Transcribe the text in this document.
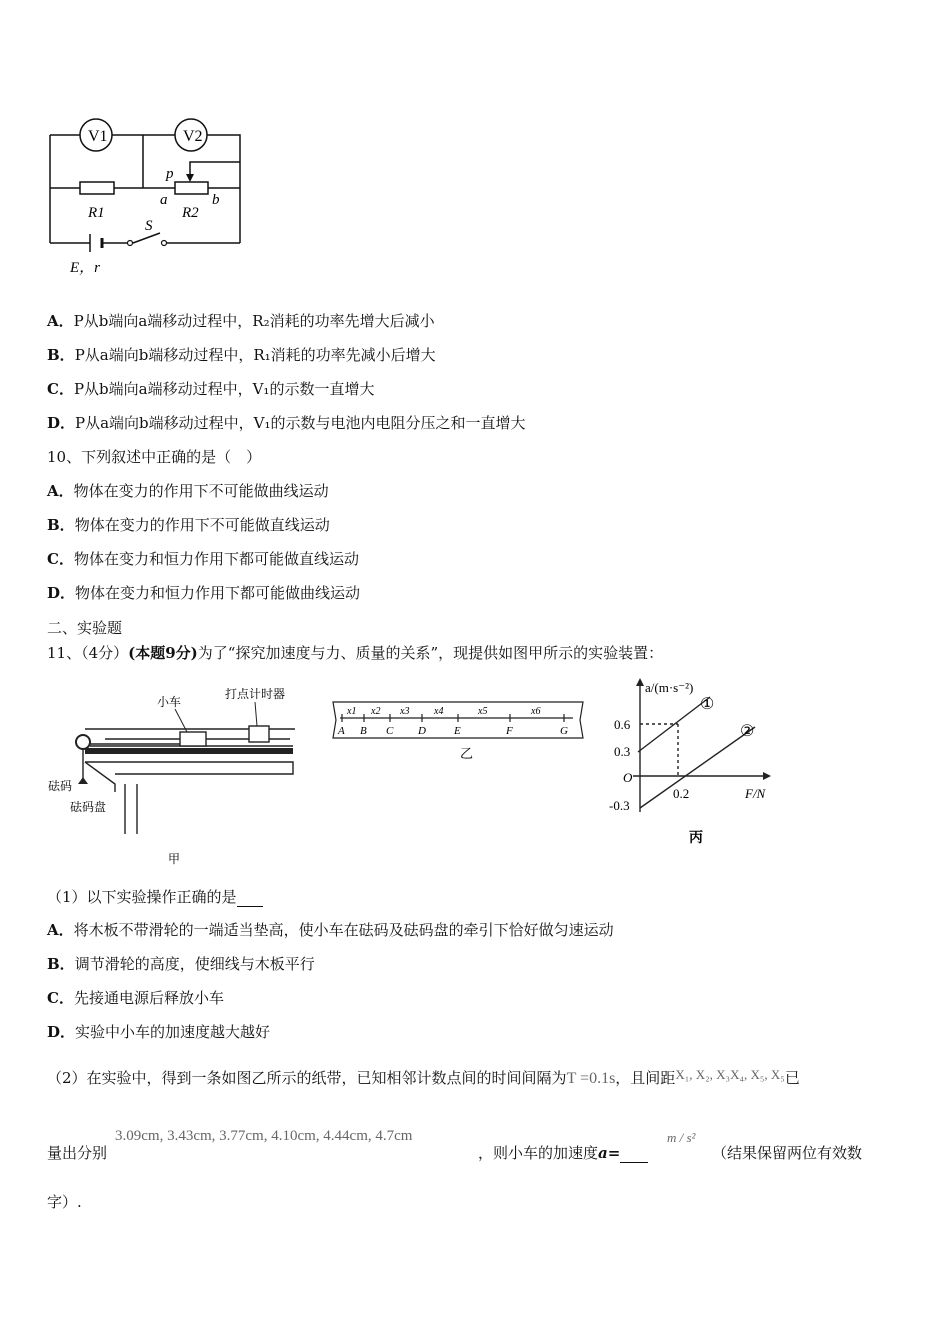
V1	V2
R1	R2
p
a	b
S
E，r
A．P从b端向a端移动过程中，R₂消耗的功率先增大后减小
B．P从a端向b端移动过程中，R₁消耗的功率先减小后增大
C．P从b端向a端移动过程中，V₁的示数一直增大
D．P从a端向b端移动过程中，V₁的示数与电池内电阻分压之和一直增大
10、下列叙述中正确的是（　）
A．物体在变力的作用下不可能做曲线运动
B．物体在变力的作用下不可能做直线运动
C．物体在变力和恒力作用下都可能做直线运动
D．物体在变力和恒力作用下都可能做曲线运动
二、实验题
11、（4分）(本题9分)为了“探究加速度与力、质量的关系”，现提供如图甲所示的实验装置：
小车
打点计时器
砝码
砝码盘
甲
A
x1
B
x2
C
x3
D
x4
E
x5
F
x6
G
乙
a/(m·s⁻²)
F/N
O
0.6
0.3
-0.3
0.2
①
②
丙
（1）以下实验操作正确的是
A．将木板不带滑轮的一端适当垫高，使小车在砝码及砝码盘的牵引下恰好做匀速运动
B．调节滑轮的高度，使细线与木板平行
C．先接通电源后释放小车
D．实验中小车的加速度越大越好
（2）在实验中，得到一条如图乙所示的纸带，已知相邻计数点间的时间间隔为T =0.1s，且间距X₁, X₂, X₃X₄, X₅, X₅已
3.09cm, 3.43cm, 3.77cm, 4.10cm, 4.44cm, 4.7cm
量出分别	，则小车的加速度a=
m / s²
（结果保留两位有效数
字）.
